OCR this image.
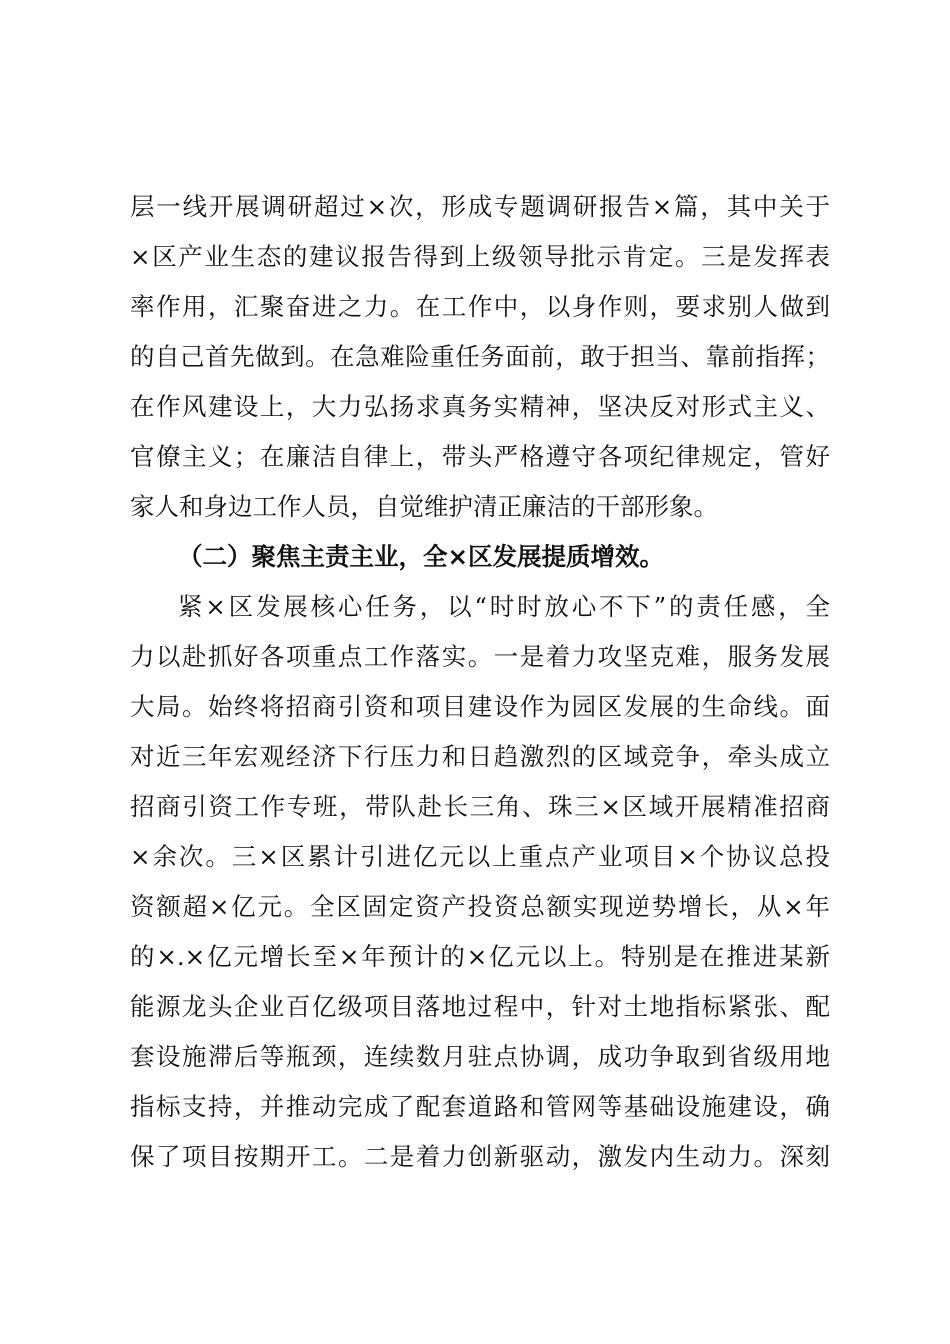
层一线开展调研超过×次，形成专题调研报告×篇，其中关于
×区产业生态的建议报告得到上级领导批示肯定。三是发挥表
率作用，汇聚奋进之力。在工作中，以身作则，要求别人做到
的自己首先做到。在急难险重任务面前，敢于担当、靠前指挥；
在作风建设上，大力弘扬求真务实精神，坚决反对形式主义、
官僚主义；在廉洁自律上，带头严格遵守各项纪律规定，管好
家人和身边工作人员，自觉维护清正廉洁的干部形象。
（二）聚焦主责主业，全×区发展提质增效。
紧×区发展核心任务，以“时时放心不下”的责任感，全
力以赴抓好各项重点工作落实。一是着力攻坚克难，服务发展
大局。始终将招商引资和项目建设作为园区发展的生命线。面
对近三年宏观经济下行压力和日趋激烈的区域竞争，牵头成立
招商引资工作专班，带队赴长三角、珠三×区域开展精准招商
×余次。三×区累计引进亿元以上重点产业项目×个协议总投
资额超×亿元。全区固定资产投资总额实现逆势增长，从×年
的×.×亿元增长至×年预计的×亿元以上。特别是在推进某新
能源龙头企业百亿级项目落地过程中，针对土地指标紧张、配
套设施滞后等瓶颈，连续数月驻点协调，成功争取到省级用地
指标支持，并推动完成了配套道路和管网等基础设施建设，确
保了项目按期开工。二是着力创新驱动，激发内生动力。深刻
